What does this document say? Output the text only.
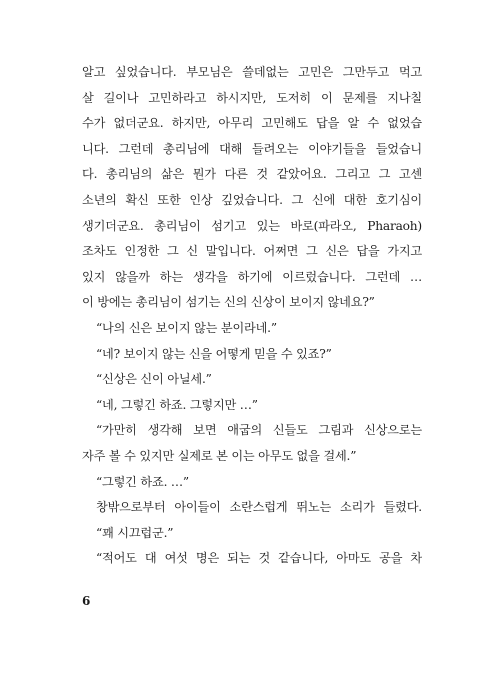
알고 싶었습니다. 부모님은 쓸데없는 고민은 그만두고 먹고
살 길이나 고민하라고 하시지만, 도저히 이 문제를 지나칠
수가 없더군요. 하지만, 아무리 고민해도 답을 알 수 없었습
니다. 그런데 총리님에 대해 들려오는 이야기들을 들었습니
다. 총리님의 삶은 뭔가 다른 것 같았어요. 그리고 그 고센
소년의 확신 또한 인상 깊었습니다. 그 신에 대한 호기심이
생기더군요. 총리님이 섬기고 있는 바로(파라오, Pharaoh)
조차도 인정한 그 신 말입니다. 어쩌면 그 신은 답을 가지고
있지 않을까 하는 생각을 하기에 이르렀습니다. 그런데 …
이 방에는 총리님이 섬기는 신의 신상이 보이지 않네요?”
“나의 신은 보이지 않는 분이라네.”
“네? 보이지 않는 신을 어떻게 믿을 수 있죠?”
“신상은 신이 아닐세.”
“네, 그렇긴 하죠. 그렇지만 …”
“가만히 생각해 보면 애굽의 신들도 그림과 신상으로는
자주 볼 수 있지만 실제로 본 이는 아무도 없을 걸세.”
“그렇긴 하죠. …”
창밖으로부터 아이들이 소란스럽게 뛰노는 소리가 들렸다.
“꽤 시끄럽군.”
“적어도 대 여섯 명은 되는 것 같습니다, 아마도 공을 차
6
